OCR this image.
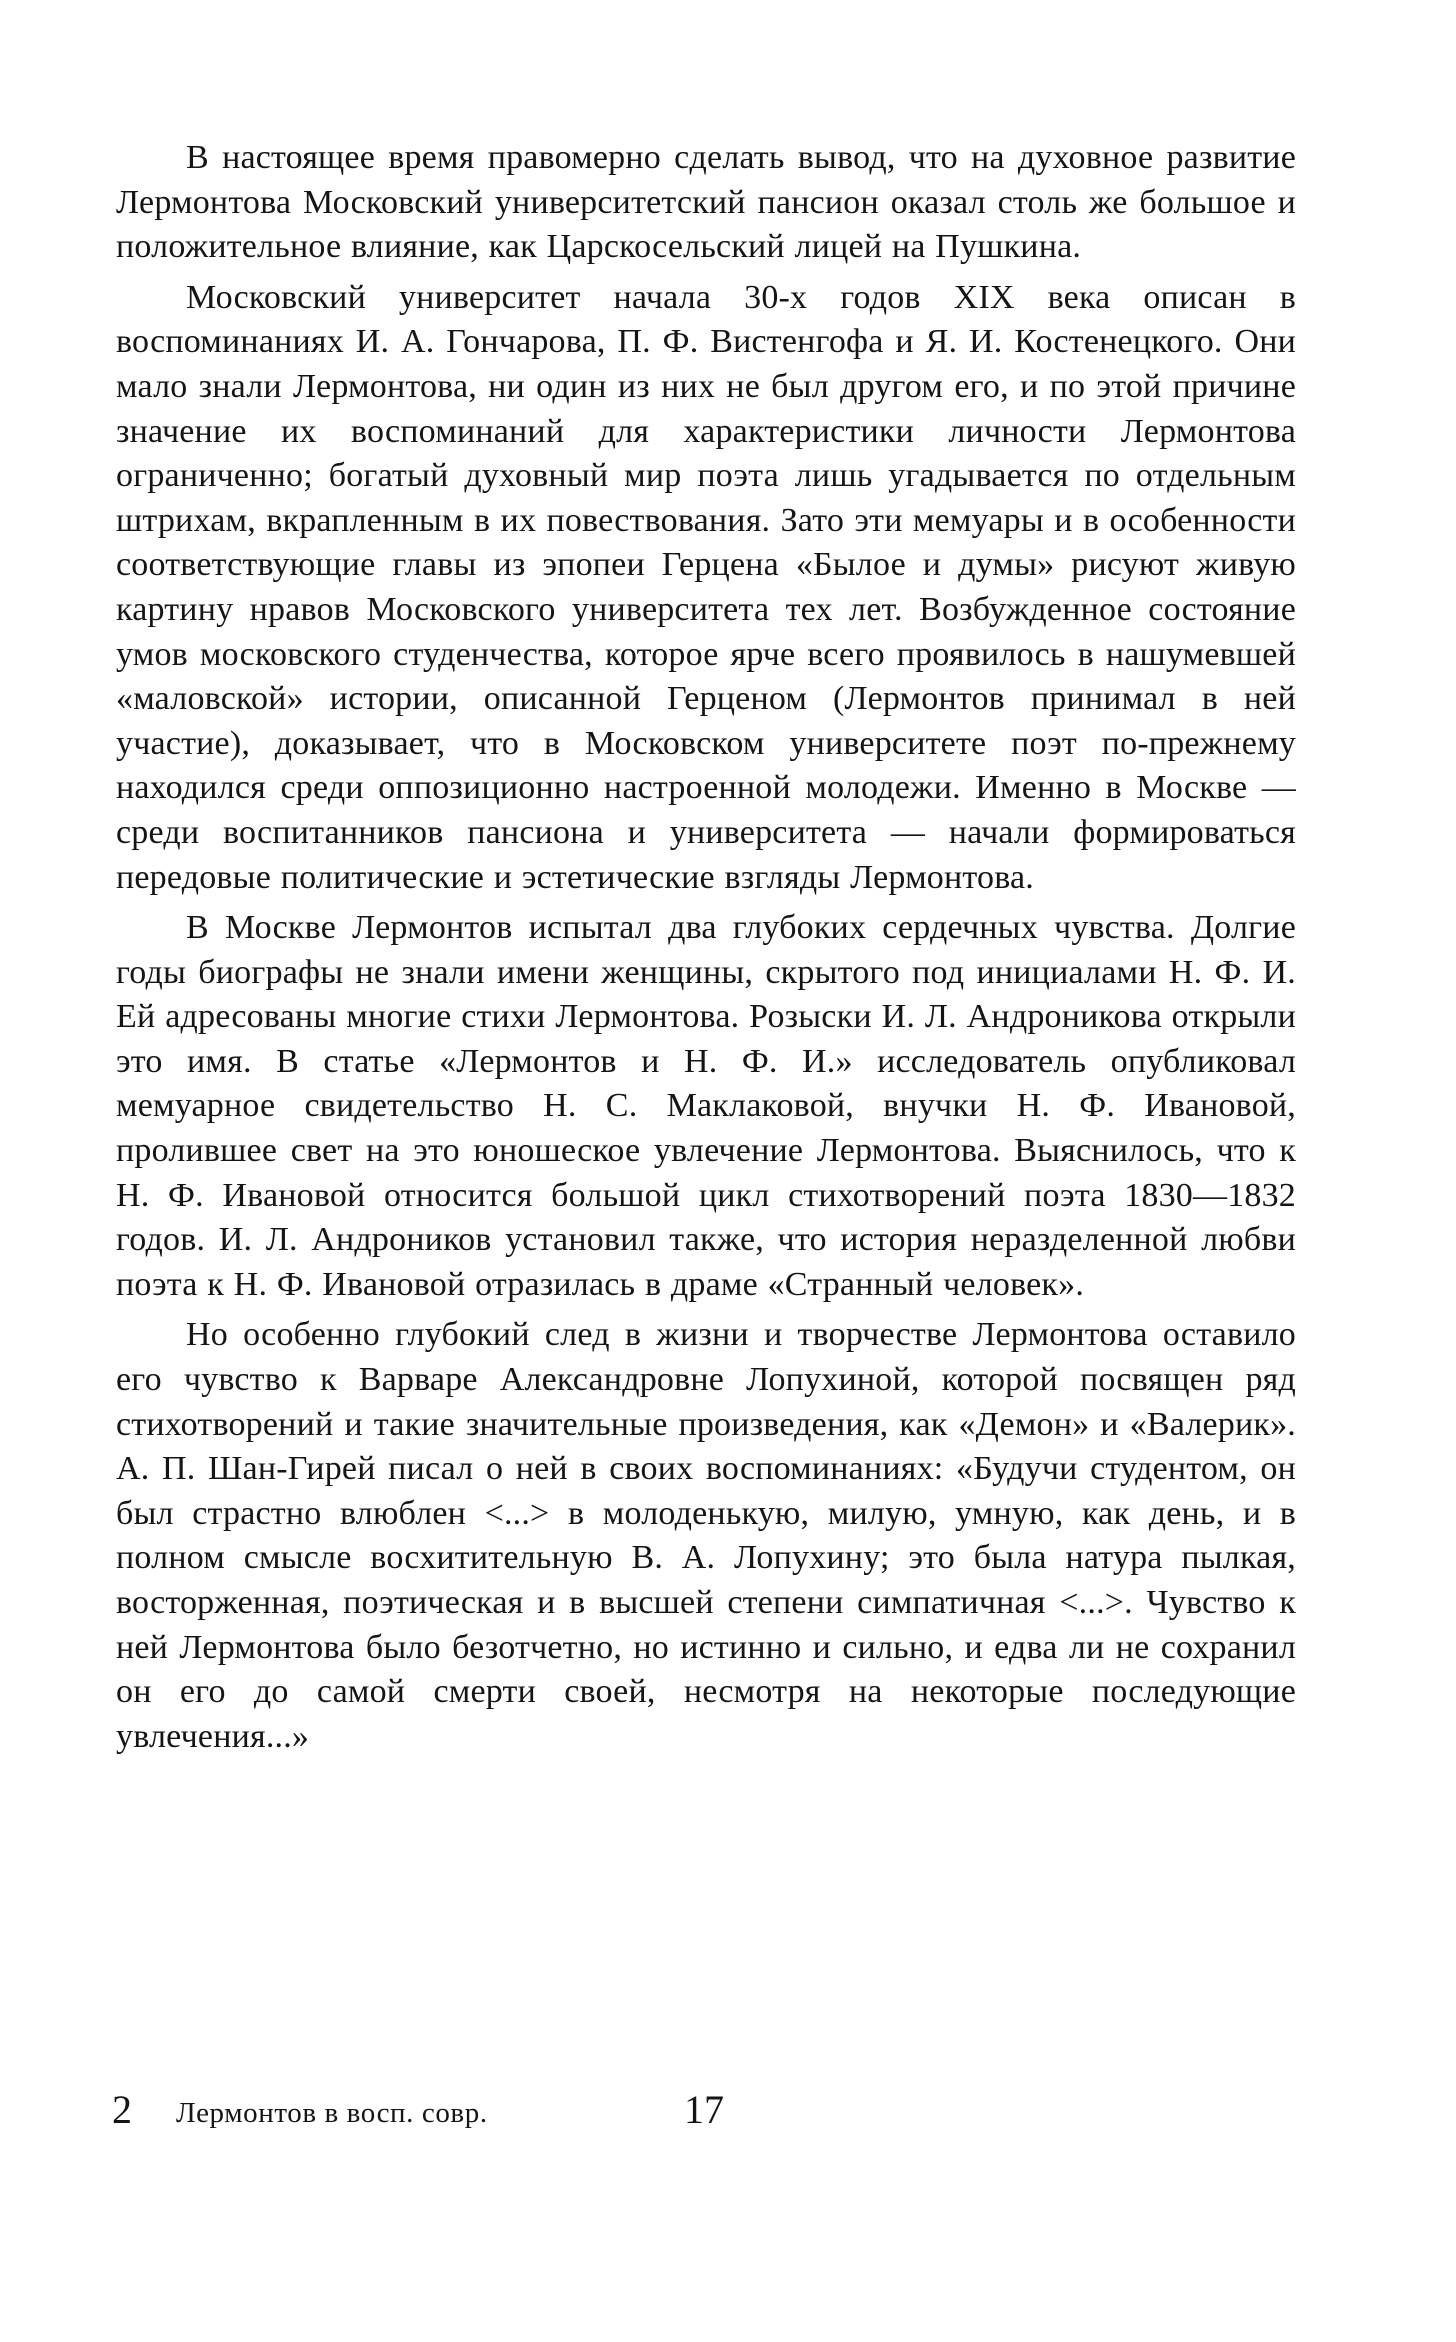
В настоящее время правомерно сделать вывод, что на духовное развитие Лермонтова Московский университетский пансион оказал столь же большое и положительное влияние, как Царскосельский лицей на Пушкина.

Московский университет начала 30-х годов XIX века описан в воспоминаниях И. А. Гончарова, П. Ф. Вистенгофа и Я. И. Костенецкого. Они мало знали Лермонтова, ни один из них не был другом его, и по этой причине значение их воспоминаний для характеристики личности Лермонтова ограниченно; богатый духовный мир поэта лишь угадывается по отдельным штрихам, вкрапленным в их повествования. Зато эти мемуары и в особенности соответствующие главы из эпопеи Герцена «Былое и думы» рисуют живую картину нравов Московского университета тех лет. Возбужденное состояние умов московского студенчества, которое ярче всего проявилось в нашумевшей «маловской» истории, описанной Герценом (Лермонтов принимал в ней участие), доказывает, что в Московском университете поэт по-прежнему находился среди оппозиционно настроенной молодежи. Именно в Москве — среди воспитанников пансиона и университета — начали формироваться передовые политические и эстетические взгляды Лермонтова.

В Москве Лермонтов испытал два глубоких сердечных чувства. Долгие годы биографы не знали имени женщины, скрытого под инициалами Н. Ф. И. Ей адресованы многие стихи Лермонтова. Розыски И. Л. Андроникова открыли это имя. В статье «Лермонтов и Н. Ф. И.» исследователь опубликовал мемуарное свидетельство Н. С. Маклаковой, внучки Н. Ф. Ивановой, пролившее свет на это юношеское увлечение Лермонтова. Выяснилось, что к Н. Ф. Ивановой относится большой цикл стихотворений поэта 1830—1832 годов. И. Л. Андроников установил также, что история неразделенной любви поэта к Н. Ф. Ивановой отразилась в драме «Странный человек».

Но особенно глубокий след в жизни и творчестве Лермонтова оставило его чувство к Варваре Александровне Лопухиной, которой посвящен ряд стихотворений и такие значительные произведения, как «Демон» и «Валерик». А. П. Шан-Гирей писал о ней в своих воспоминаниях: «Будучи студентом, он был страстно влюблен <...> в молоденькую, милую, умную, как день, и в полном смысле восхитительную В. А. Лопухину; это была натура пылкая, восторженная, поэтическая и в высшей степени симпатичная <...>. Чувство к ней Лермонтова было безотчетно, но истинно и сильно, и едва ли не сохранил он его до самой смерти своей, несмотря на некоторые последующие увлечения...»

2 Лермонтов в восп. совр.	17
